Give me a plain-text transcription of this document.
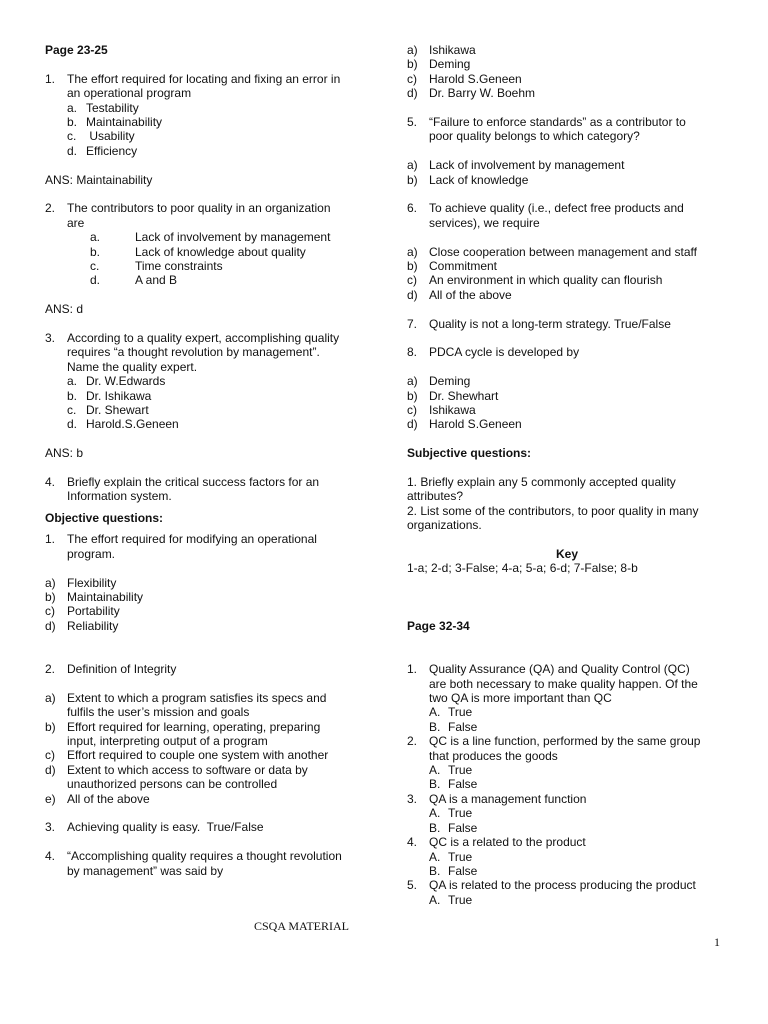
Page 23-25
1. The effort required for locating and fixing an error in
an operational program
a. Testability
b. Maintainability
c. Usability
d. Efficiency
ANS: Maintainability
2. The contributors to poor quality in an organization
are
a.	Lack of involvement by management
b.	Lack of knowledge about quality
c.	Time constraints
d.	A and B
ANS: d
3. According to a quality expert, accomplishing quality
requires “a thought revolution by management”.
Name the quality expert.
a. Dr. W.Edwards
b. Dr. Ishikawa
c. Dr. Shewart
d. Harold.S.Geneen
ANS: b
4. Briefly explain the critical success factors for an
Information system.
Objective questions:
1. The effort required for modifying an operational
program.
a) Flexibility
b) Maintainability
c) Portability
d) Reliability
2. Definition of Integrity
a) Extent to which a program satisfies its specs and
fulfils the user’s mission and goals
b) Effort required for learning, operating, preparing
input, interpreting output of a program
c) Effort required to couple one system with another
d) Extent to which access to software or data by
unauthorized persons can be controlled
e) All of the above
3. Achieving quality is easy.  True/False
4. “Accomplishing quality requires a thought revolution
by management” was said by
a) Ishikawa
b) Deming
c) Harold S.Geneen
d) Dr. Barry W. Boehm
5. “Failure to enforce standards” as a contributor to
poor quality belongs to which category?
a) Lack of involvement by management
b) Lack of knowledge
6. To achieve quality (i.e., defect free products and
services), we require
a) Close cooperation between management and staff
b) Commitment
c) An environment in which quality can flourish
d) All of the above
7. Quality is not a long-term strategy. True/False
8. PDCA cycle is developed by
a) Deming
b) Dr. Shewhart
c) Ishikawa
d) Harold S.Geneen
Subjective questions:
1. Briefly explain any 5 commonly accepted quality
attributes?
2. List some of the contributors, to poor quality in many
organizations.
Key
1-a; 2-d; 3-False; 4-a; 5-a; 6-d; 7-False; 8-b
Page 32-34
1. Quality Assurance (QA) and Quality Control (QC)
are both necessary to make quality happen. Of the
two QA is more important than QC
A. True
B. False
2. QC is a line function, performed by the same group
that produces the goods
A. True
B. False
3. QA is a management function
A. True
B. False
4. QC is a related to the product
A. True
B. False
5. QA is related to the process producing the product
A. True
CSQA MATERIAL
1
